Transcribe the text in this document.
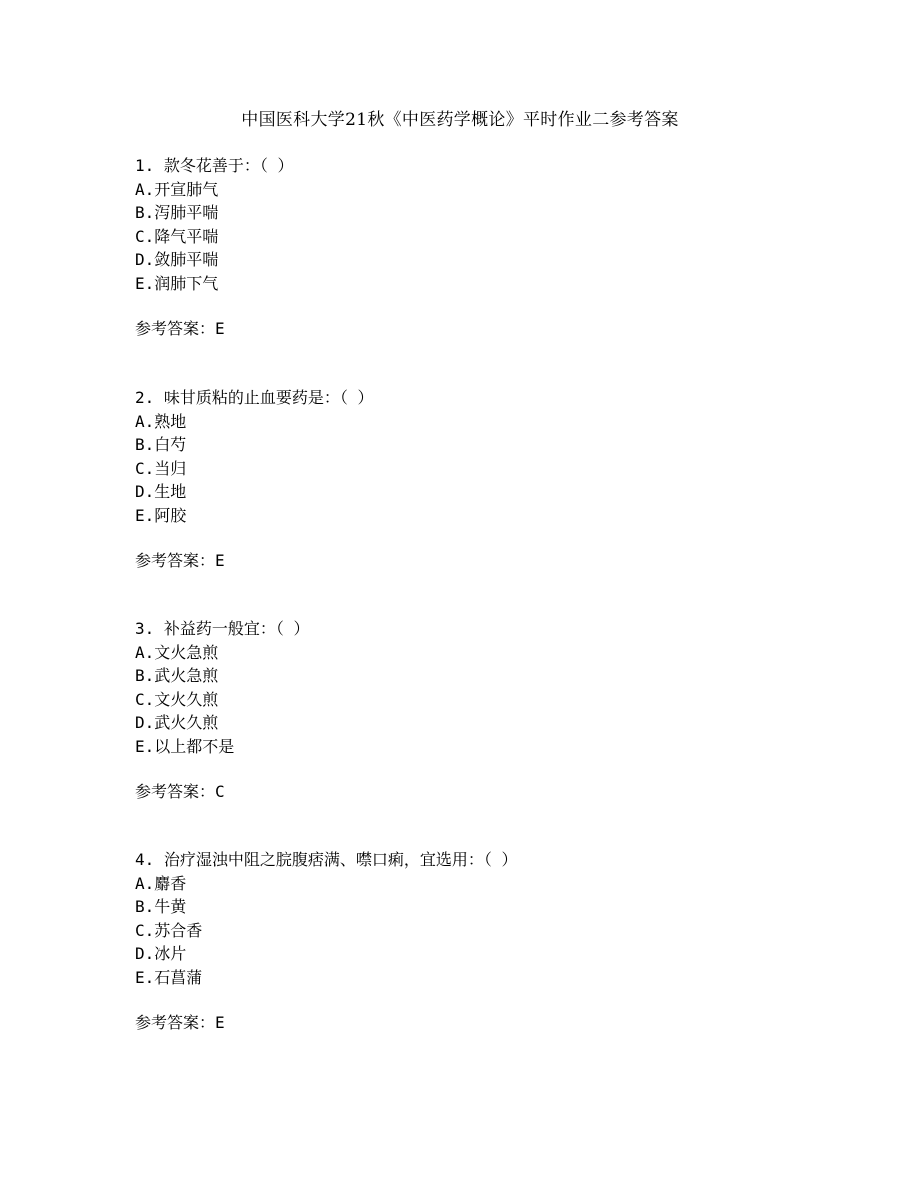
中国医科大学21秋《中医药学概论》平时作业二参考答案
1. 款冬花善于：（ ）
A.开宣肺气
B.泻肺平喘
C.降气平喘
D.敛肺平喘
E.润肺下气
参考答案：E
2. 味甘质粘的止血要药是：（ ）
A.熟地
B.白芍
C.当归
D.生地
E.阿胶
参考答案：E
3. 补益药一般宜：（ ）
A.文火急煎
B.武火急煎
C.文火久煎
D.武火久煎
E.以上都不是
参考答案：C
4. 治疗湿浊中阻之脘腹痞满、噤口痢，宜选用：（ ）
A.麝香
B.牛黄
C.苏合香
D.冰片
E.石菖蒲
参考答案：E
